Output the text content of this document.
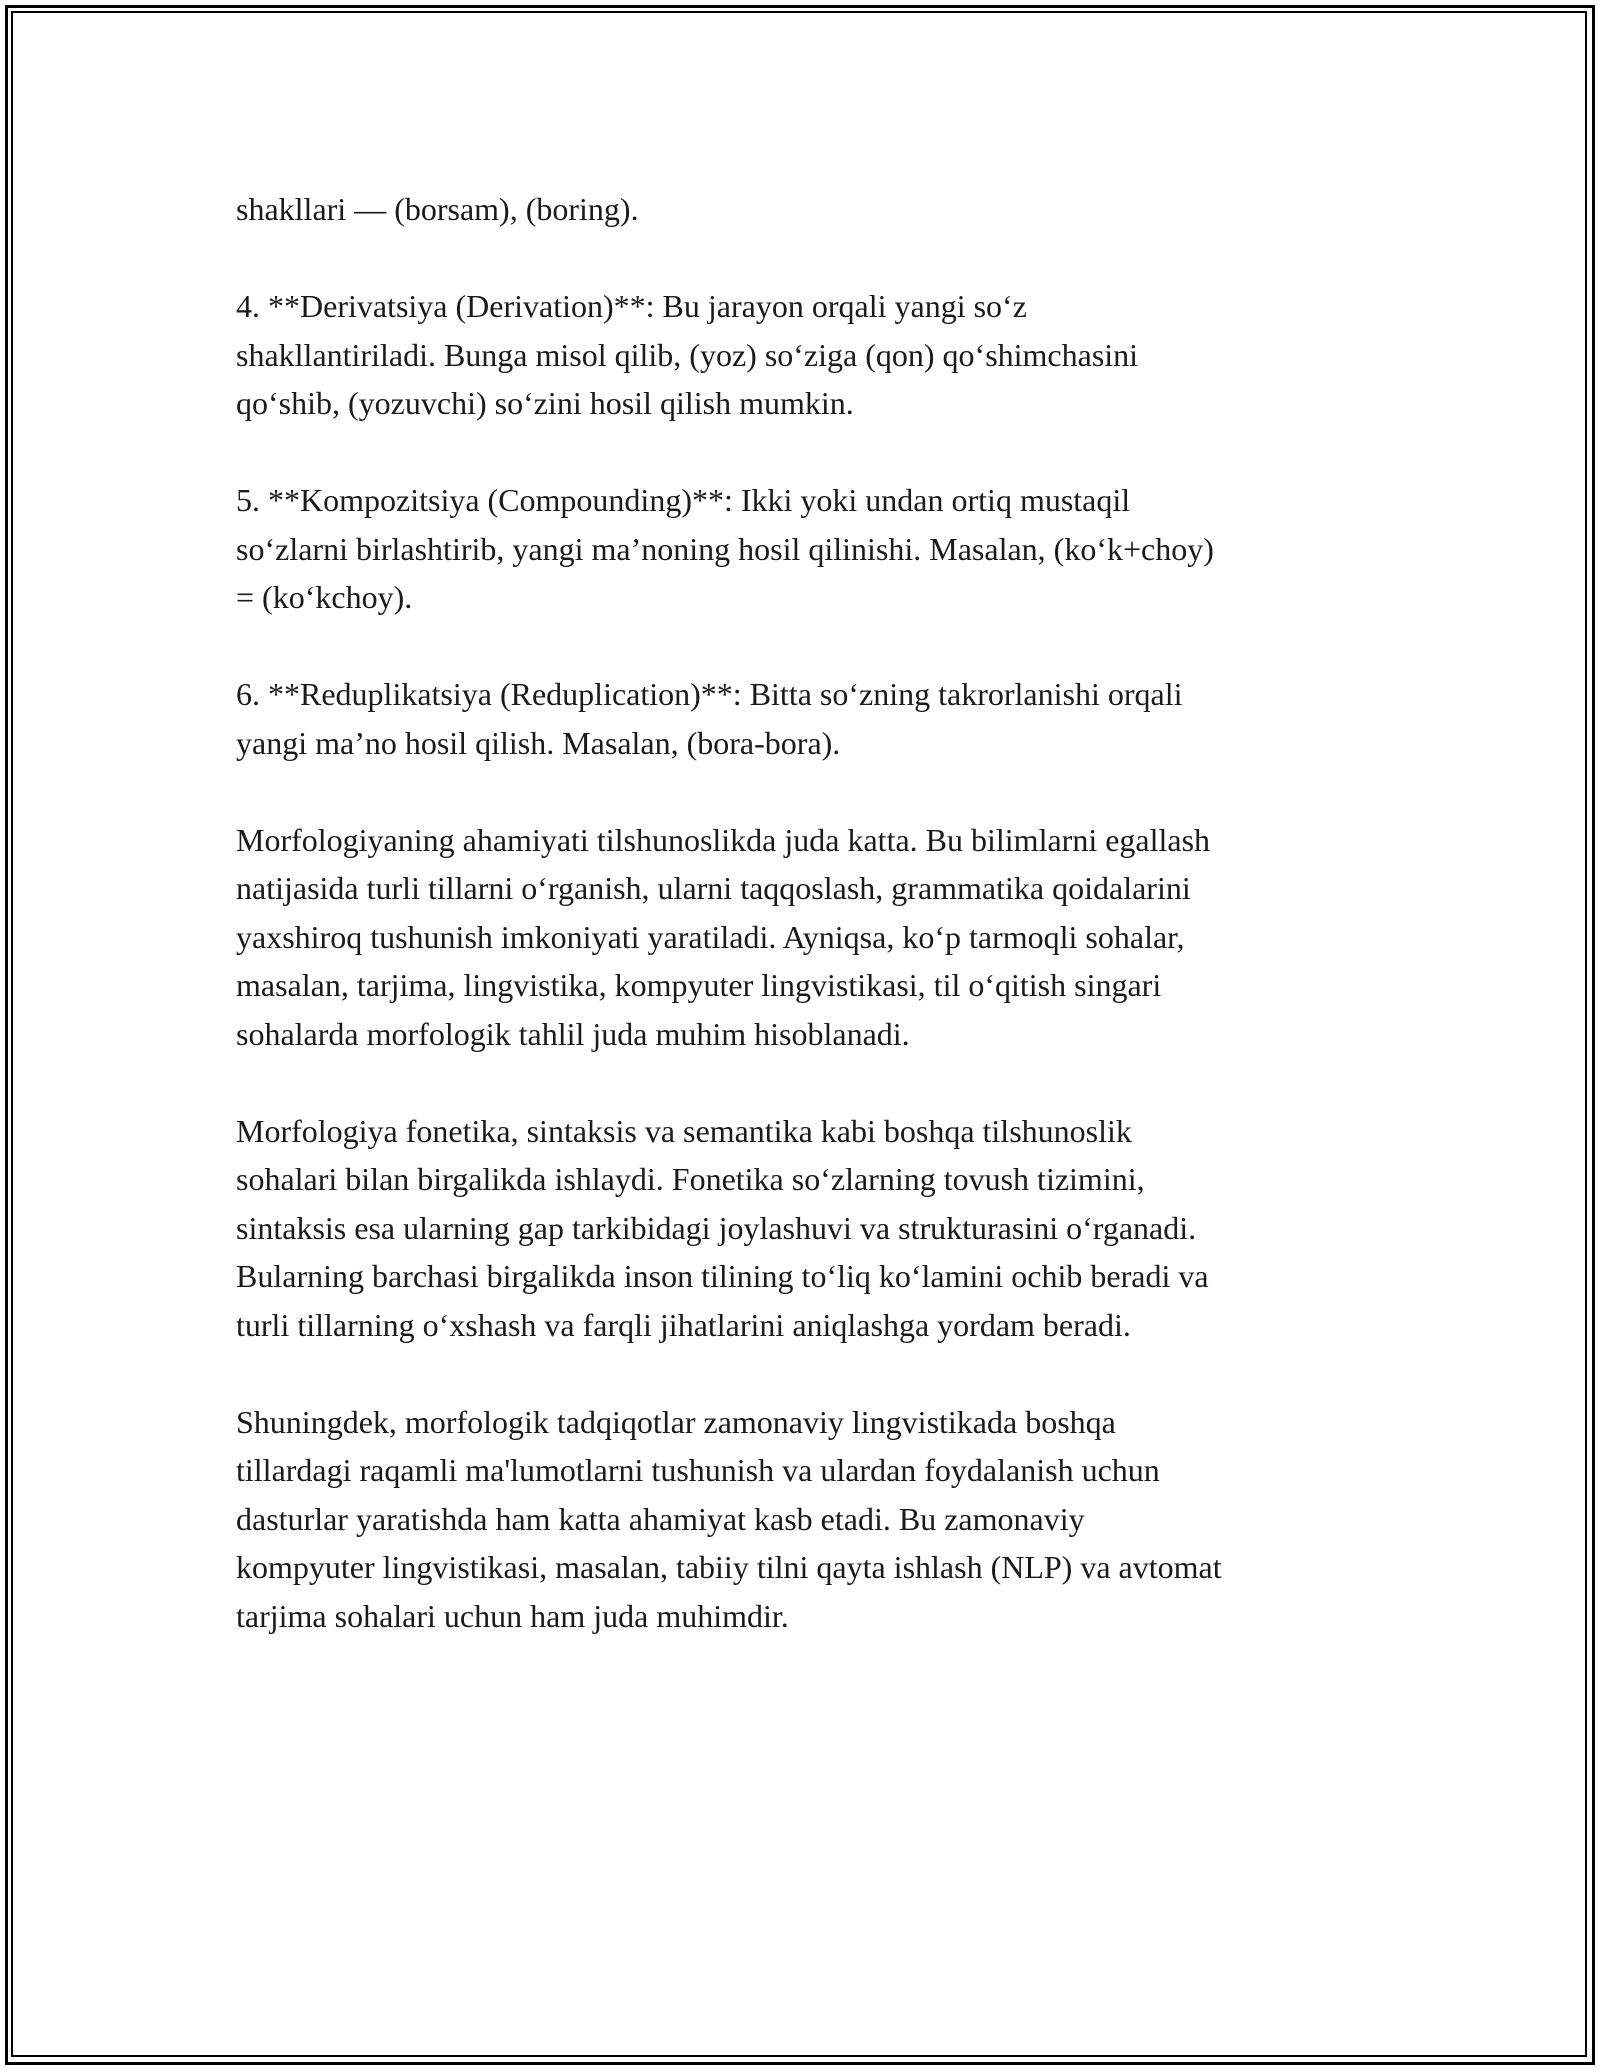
shakllari — (borsam), (boring).

4. **Derivatsiya (Derivation)**: Bu jarayon orqali yangi so‘z
shakllantiriladi. Bunga misol qilib, (yoz) so‘ziga (qon) qo‘shimchasini
qo‘shib, (yozuvchi) so‘zini hosil qilish mumkin.

5. **Kompozitsiya (Compounding)**: Ikki yoki undan ortiq mustaqil
so‘zlarni birlashtirib, yangi ma’noning hosil qilinishi. Masalan, (ko‘k+choy)
= (ko‘kchoy).

6. **Reduplikatsiya (Reduplication)**: Bitta so‘zning takrorlanishi orqali
yangi ma’no hosil qilish. Masalan, (bora-bora).

Morfologiyaning ahamiyati tilshunoslikda juda katta. Bu bilimlarni egallash
natijasida turli tillarni o‘rganish, ularni taqqoslash, grammatika qoidalarini
yaxshiroq tushunish imkoniyati yaratiladi. Ayniqsa, ko‘p tarmoqli sohalar,
masalan, tarjima, lingvistika, kompyuter lingvistikasi, til o‘qitish singari
sohalarda morfologik tahlil juda muhim hisoblanadi.

Morfologiya fonetika, sintaksis va semantika kabi boshqa tilshunoslik
sohalari bilan birgalikda ishlaydi. Fonetika so‘zlarning tovush tizimini,
sintaksis esa ularning gap tarkibidagi joylashuvi va strukturasini o‘rganadi.
Bularning barchasi birgalikda inson tilining to‘liq ko‘lamini ochib beradi va
turli tillarning o‘xshash va farqli jihatlarini aniqlashga yordam beradi.

Shuningdek, morfologik tadqiqotlar zamonaviy lingvistikada boshqa
tillardagi raqamli ma'lumotlarni tushunish va ulardan foydalanish uchun
dasturlar yaratishda ham katta ahamiyat kasb etadi. Bu zamonaviy
kompyuter lingvistikasi, masalan, tabiiy tilni qayta ishlash (NLP) va avtomat
tarjima sohalari uchun ham juda muhimdir.
